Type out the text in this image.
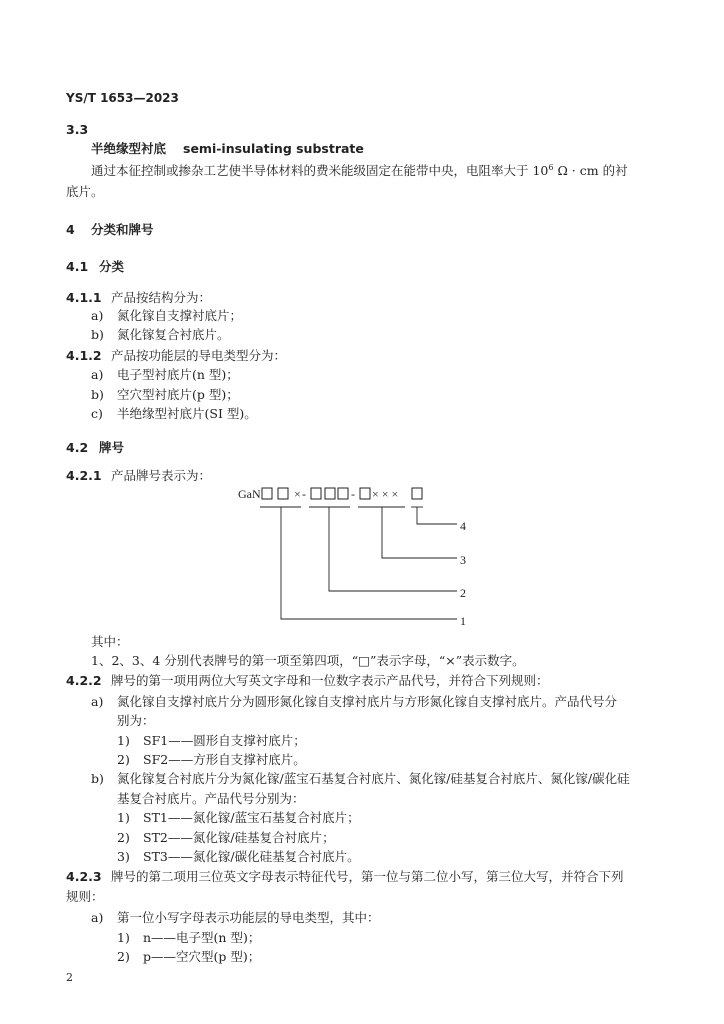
YS/T 1653—2023
3.3
半绝缘型衬底 semi-insulating substrate
通过本征控制或掺杂工艺使半导体材料的费米能级固定在能带中央，电阻率大于 $10^6$ Ω · cm 的衬
底片。
4 分类和牌号
4.1 分类
4.1.1 产品按结构分为：
a) 氮化镓自支撑衬底片；
b) 氮化镓复合衬底片。
4.1.2 产品按功能层的导电类型分为：
a) 电子型衬底片(n 型)；
b) 空穴型衬底片(p 型)；
c) 半绝缘型衬底片(SI 型)。
4.2 牌号
4.2.1 产品牌号表示为：
GaN	× -	- × × ×
4
3
2
1
其中：
1、2、3、4 分别代表牌号的第一项至第四项，“□”表示字母，“×”表示数字。
4.2.2 牌号的第一项用两位大写英文字母和一位数字表示产品代号，并符合下列规则：
a) 氮化镓自支撑衬底片分为圆形氮化镓自支撑衬底片与方形氮化镓自支撑衬底片。产品代号分
别为：
1) SF1——圆形自支撑衬底片；
2) SF2——方形自支撑衬底片。
b) 氮化镓复合衬底片分为氮化镓/蓝宝石基复合衬底片、氮化镓/硅基复合衬底片、氮化镓/碳化硅
基复合衬底片。产品代号分别为：
1) ST1——氮化镓/蓝宝石基复合衬底片；
2) ST2——氮化镓/硅基复合衬底片；
3) ST3——氮化镓/碳化硅基复合衬底片。
4.2.3 牌号的第二项用三位英文字母表示特征代号，第一位与第二位小写，第三位大写，并符合下列
规则：
a) 第一位小写字母表示功能层的导电类型，其中：
1) n——电子型(n 型)；
2) p——空穴型(p 型)；
2
